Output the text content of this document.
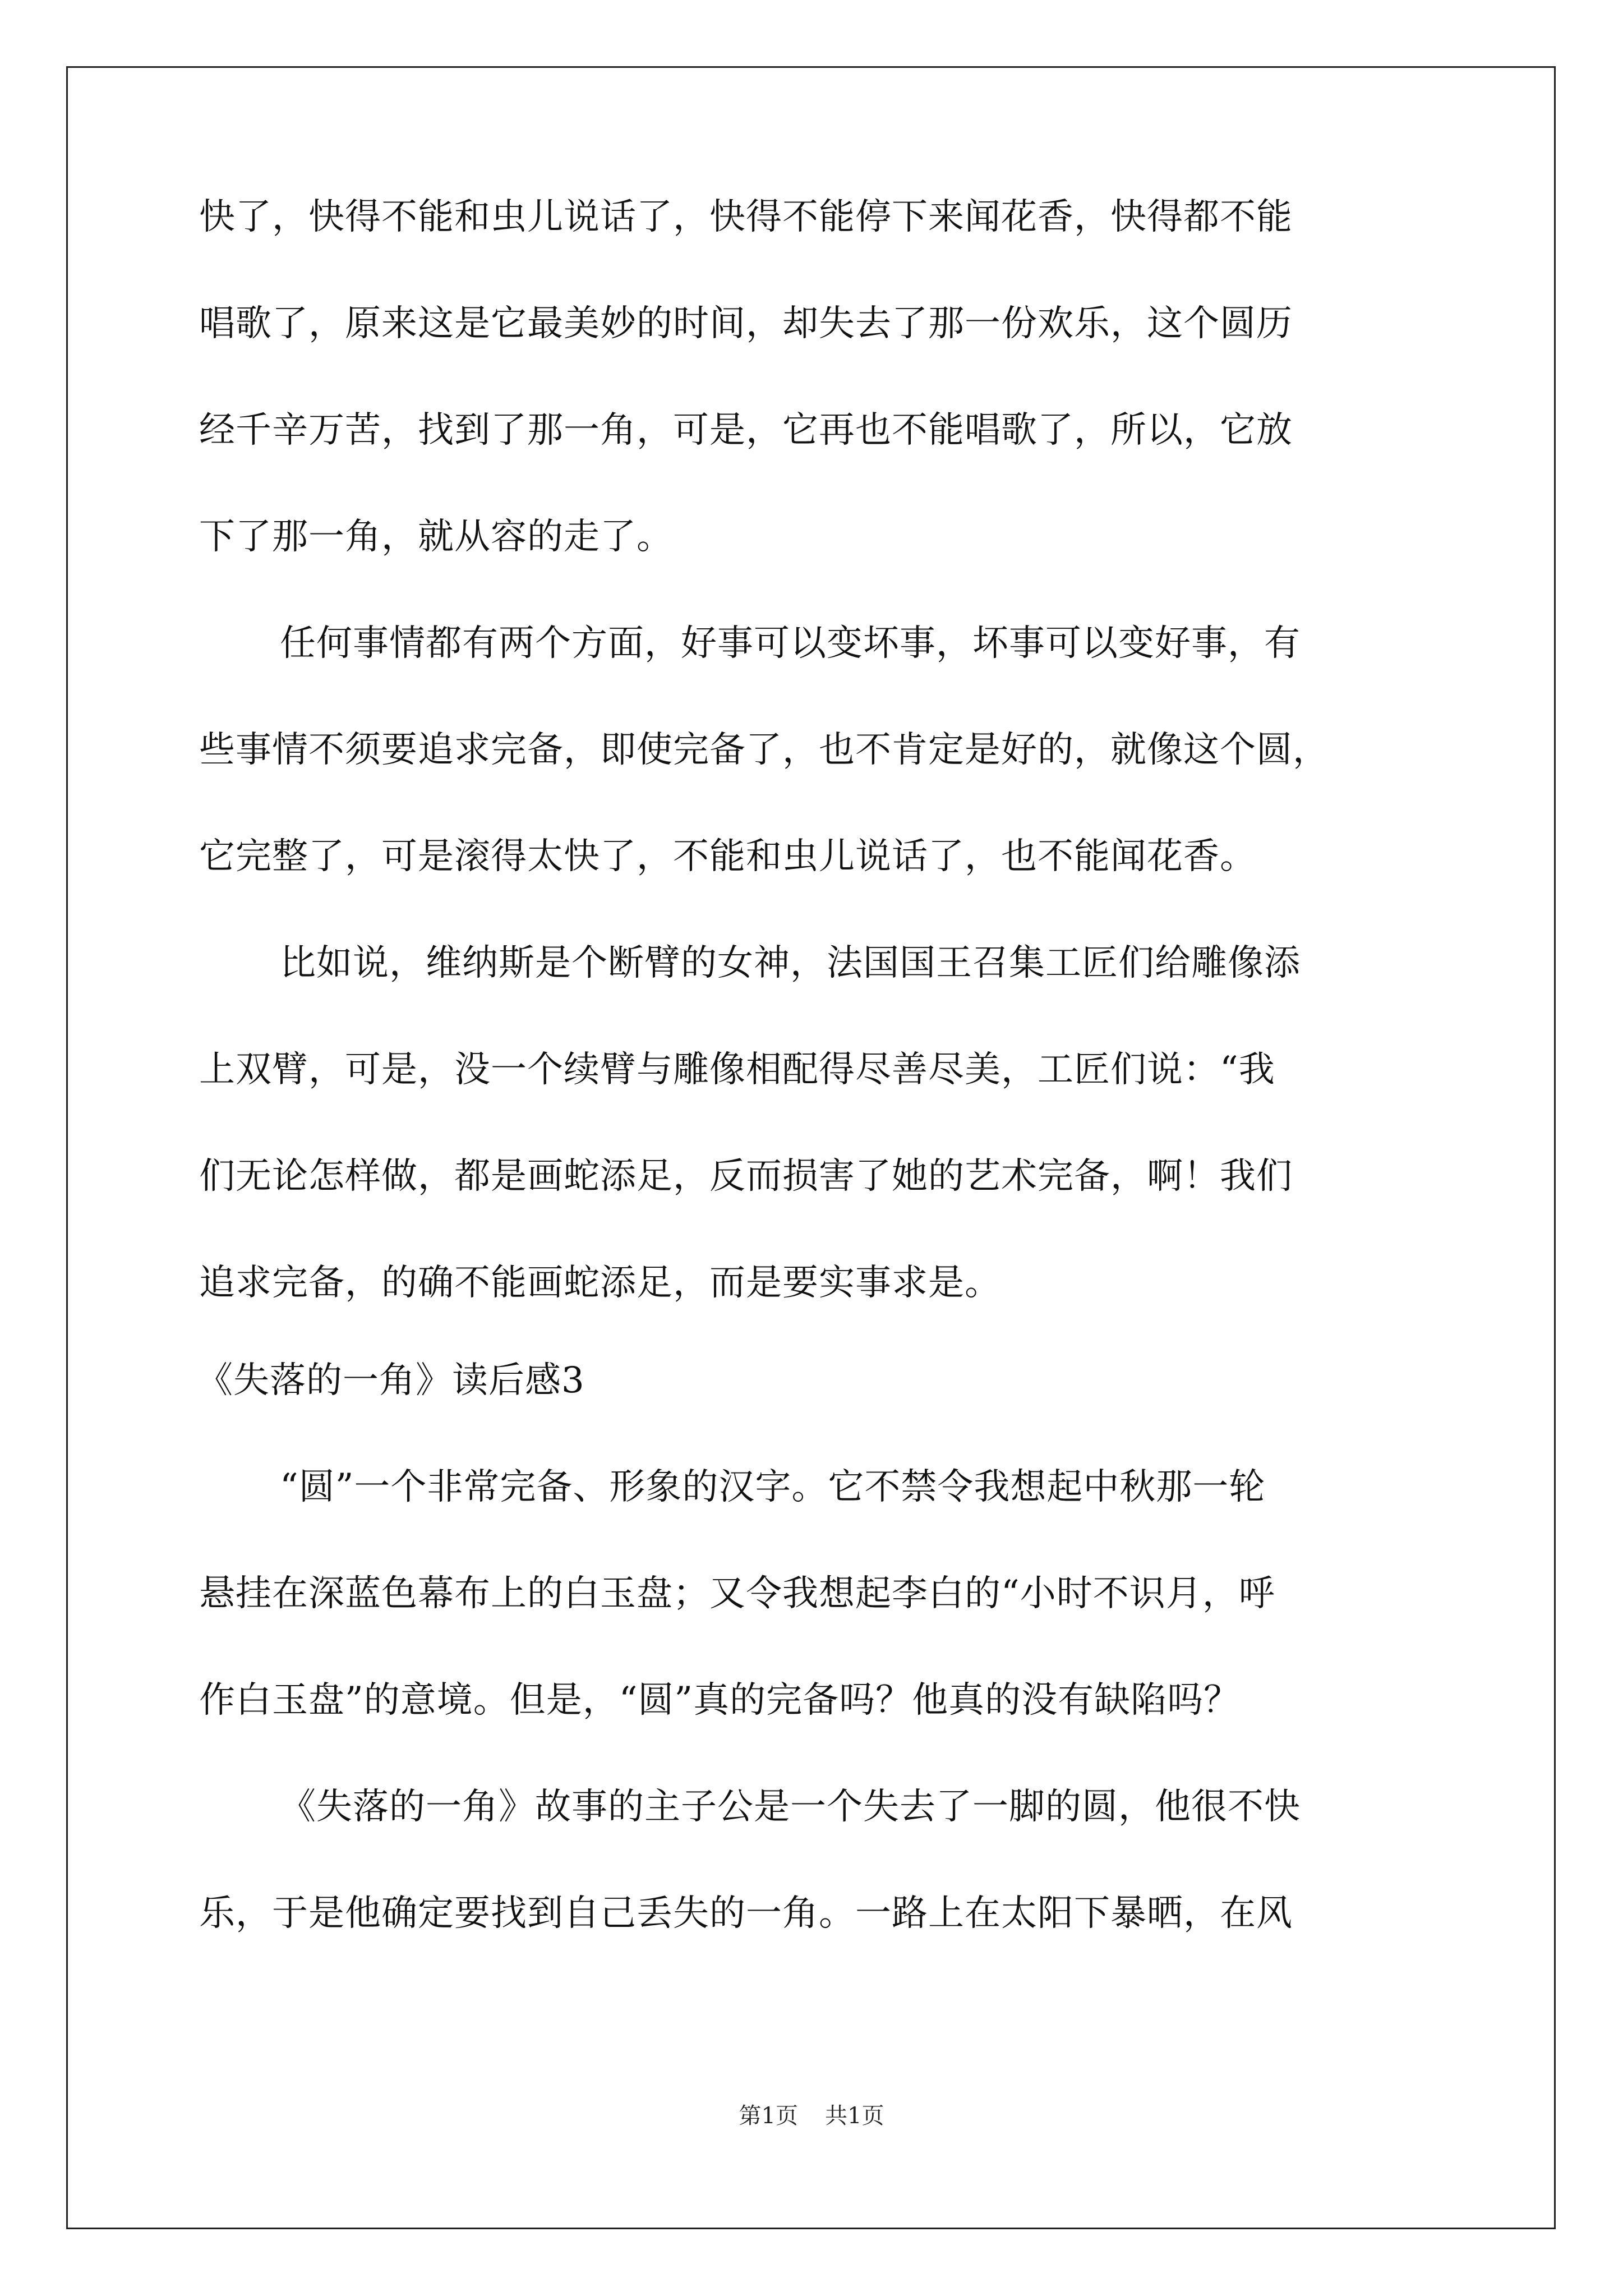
快了，快得不能和虫儿说话了，快得不能停下来闻花香，快得都不能

唱歌了，原来这是它最美妙的时间，却失去了那一份欢乐，这个圆历

经千辛万苦，找到了那一角，可是，它再也不能唱歌了，所以，它放

下了那一角，就从容的走了。

任何事情都有两个方面，好事可以变坏事，坏事可以变好事，有

些事情不须要追求完备，即使完备了，也不肯定是好的，就像这个圆，

它完整了，可是滚得太快了，不能和虫儿说话了，也不能闻花香。

比如说，维纳斯是个断臂的女神，法国国王召集工匠们给雕像添

上双臂，可是，没一个续臂与雕像相配得尽善尽美，工匠们说：“我

们无论怎样做，都是画蛇添足，反而损害了她的艺术完备，啊！我们

追求完备，的确不能画蛇添足，而是要实事求是。

《失落的一角》读后感3

“圆”一个非常完备、形象的汉字。它不禁令我想起中秋那一轮

悬挂在深蓝色幕布上的白玉盘；又令我想起李白的“小时不识月，呼

作白玉盘”的意境。但是，“圆”真的完备吗？他真的没有缺陷吗？

《失落的一角》故事的主子公是一个失去了一脚的圆，他很不快

乐，于是他确定要找到自己丢失的一角。一路上在太阳下暴晒，在风

第1页 共1页
